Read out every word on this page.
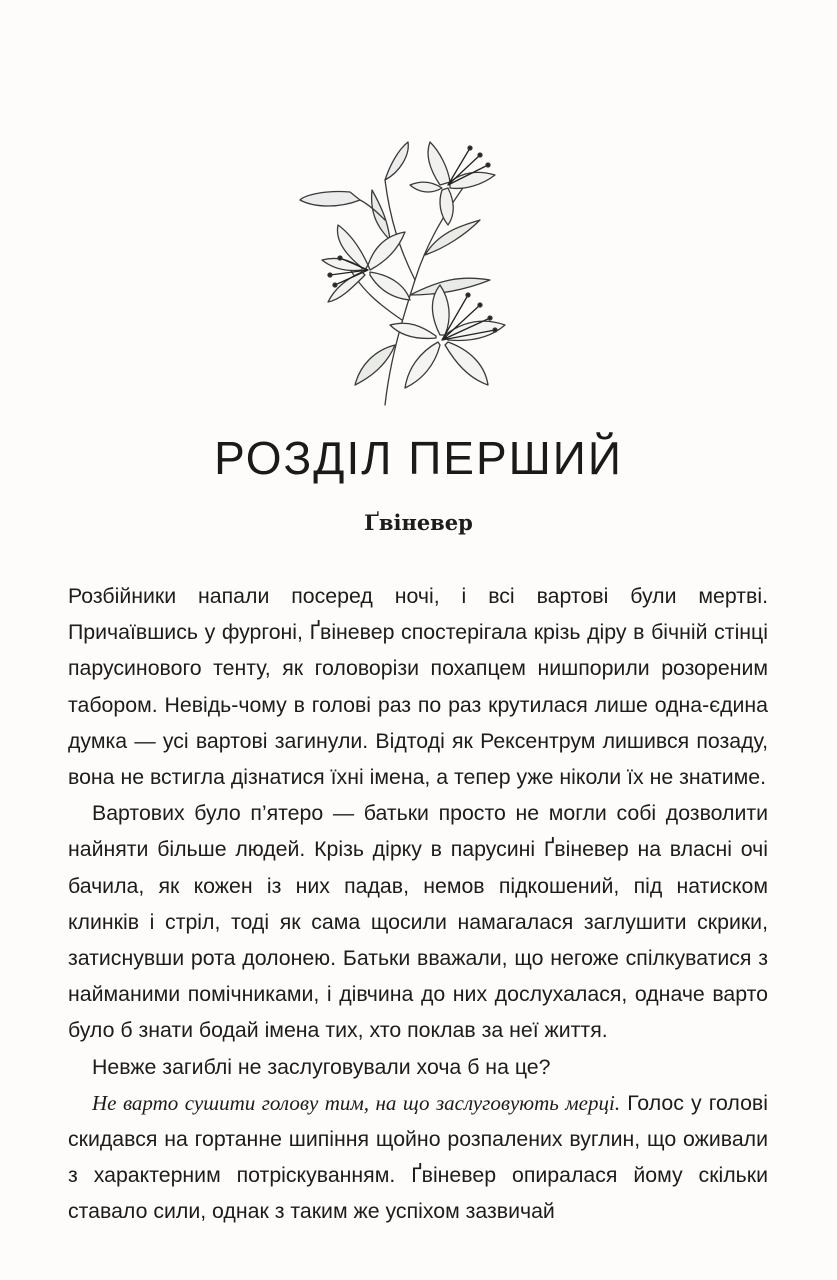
РОЗДІЛ ПЕРШИЙ
Ґвіневер

Розбійники напали посеред ночі, і всі вартові були мертві. Причаївшись у фургоні, Ґвіневер спостерігала крізь діру в бічній стінці парусинового тенту, як головорізи похапцем нишпорили розореним табором. Невідь-чому в голові раз по раз крутилася лише одна-єдина думка — усі вартові загинули. Відтоді як Рексентрум лишився позаду, вона не встигла дізнатися їхні імена, а тепер уже ніколи їх не знатиме.

Вартових було п’ятеро — батьки просто не могли собі дозволити найняти більше людей. Крізь дірку в парусині Ґвіневер на власні очі бачила, як кожен із них падав, немов підкошений, під натиском клинків і стріл, тоді як сама щосили намагалася заглушити скрики, затиснувши рота долонею. Батьки вважали, що негоже спілкуватися з найманими помічниками, і дівчина до них дослухалася, одначе варто було б знати бодай імена тих, хто поклав за неї життя.

Невже загиблі не заслуговували хоча б на це?

Не варто сушити голову тим, на що заслуговують мерці. Голос у голові скидався на гортанне шипіння щойно розпалених вуглин, що оживали з характерним потріскуванням. Ґвіневер опиралася йому скільки ставало сили, однак з таким же успіхом зазвичай
